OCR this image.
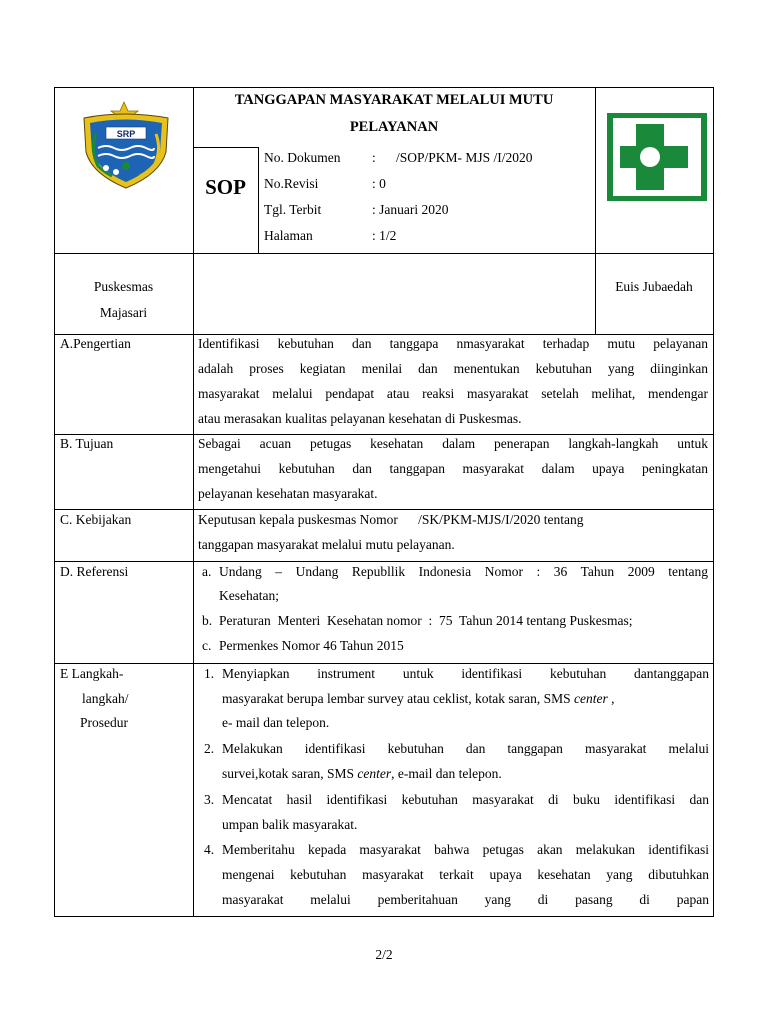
SRP
TANGGAPAN MASYARAKAT MELALUI MUTU
PELAYANAN
SOP
No. Dokumen : /SOP/PKM- MJS /I/2020
No.Revisi	: 0
Tgl. Terbit	: Januari 2020
Halaman	: 1/2
Puskesmas
Majasari
Euis Jubaedah
A.Pengertian	Identifikasi kebutuhan dan tanggapa nmasyarakat terhadap mutu pelayanan
adalah proses kegiatan menilai dan menentukan kebutuhan yang diinginkan
masyarakat melalui pendapat atau reaksi masyarakat setelah melihat, mendengar
atau merasakan kualitas pelayanan kesehatan di Puskesmas.
B. Tujuan	Sebagai acuan petugas kesehatan dalam penerapan langkah-langkah untuk
mengetahui kebutuhan dan tanggapan masyarakat dalam upaya peningkatan
pelayanan kesehatan masyarakat.
C. Kebijakan	Keputusan kepala puskesmas Nomor      /SK/PKM-MJS/I/2020 tentang
tanggapan masyarakat melalui mutu pelayanan.
D. Referensi	a. Undang – Undang Republlik Indonesia Nomor : 36 Tahun 2009 tentang
Kesehatan;
b. Peraturan  Menteri  Kesehatan nomor  :  75  Tahun 2014 tentang Puskesmas;
c. Permenkes Nomor 46 Tahun 2015
E Langkah-
langkah/
Prosedur
1. Menyiapkan instrument untuk identifikasi kebutuhan dantanggapan
masyarakat berupa lembar survey atau ceklist, kotak saran, SMS center ,
e- mail dan telepon.
2. Melakukan identifikasi kebutuhan dan tanggapan masyarakat melalui
survei,kotak saran, SMS center, e-mail dan telepon.
3. Mencatat hasil identifikasi kebutuhan masyarakat di buku identifikasi dan
umpan balik masyarakat.
4. Memberitahu kepada masyarakat bahwa petugas akan melakukan identifikasi
mengenai kebutuhan masyarakat terkait upaya kesehatan yang dibutuhkan
masyarakat melalui pemberitahuan yang di pasang di papan
2/2
